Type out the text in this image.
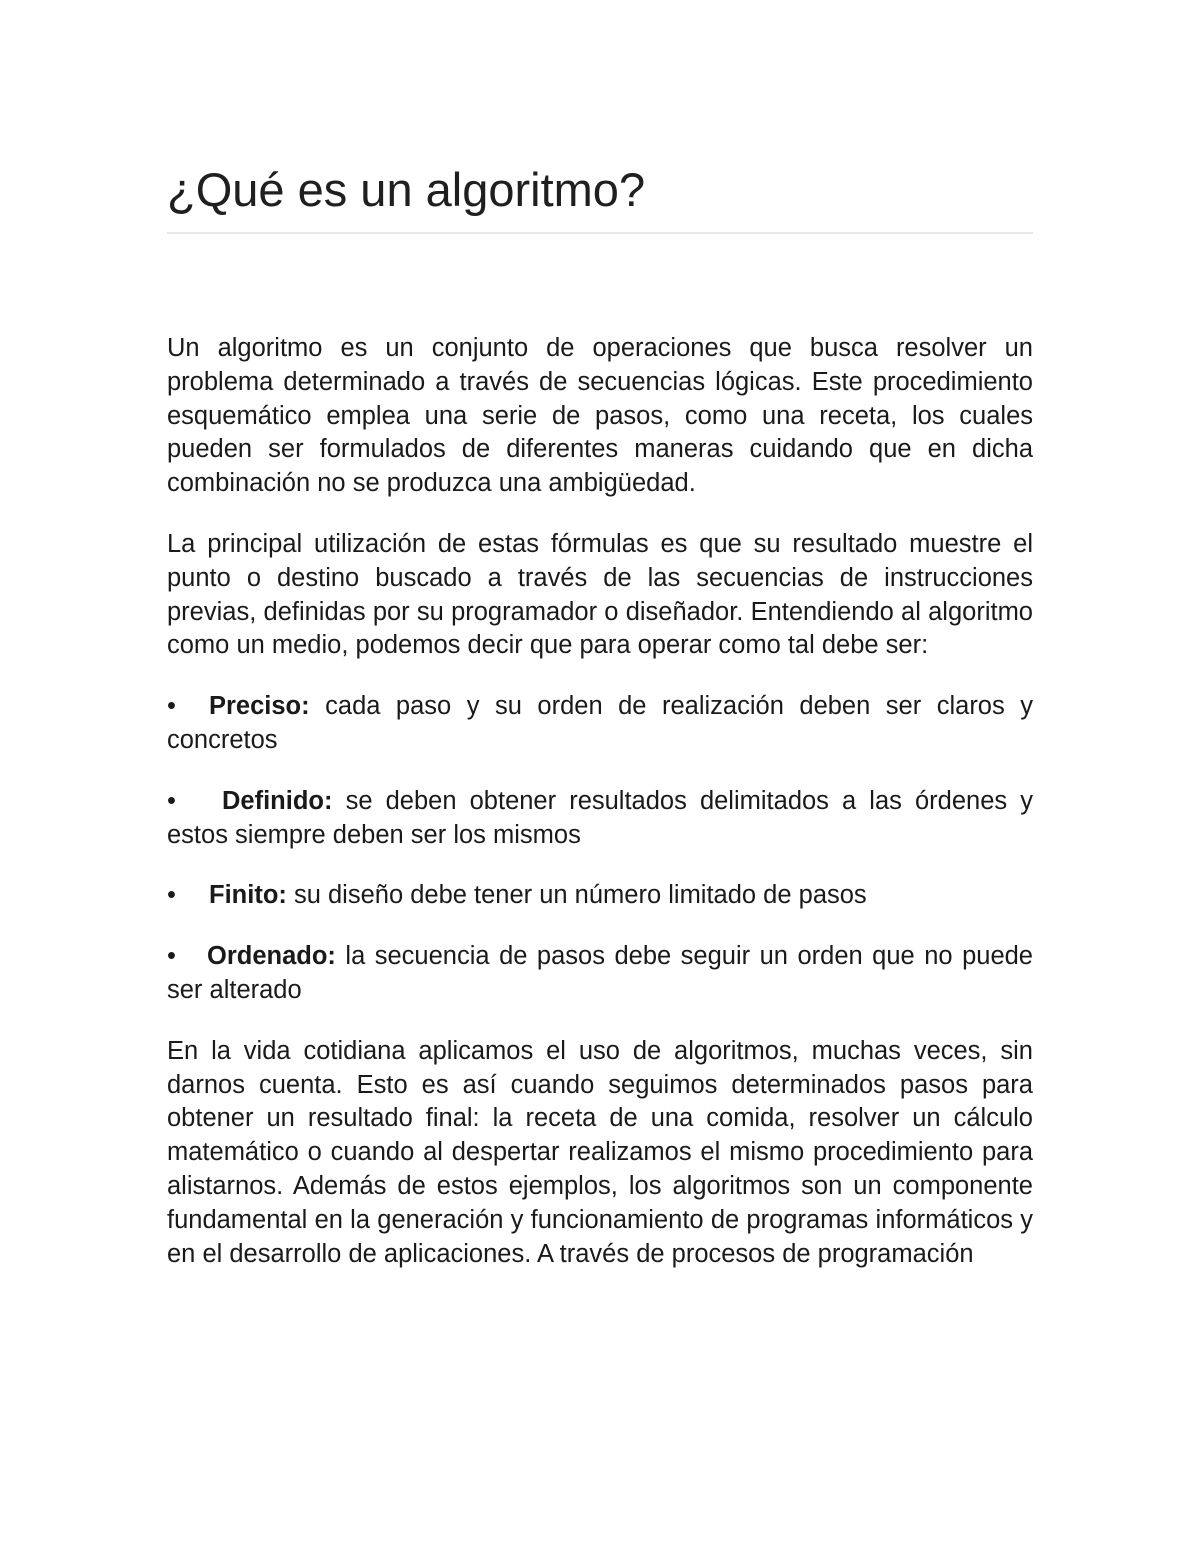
¿Qué es un algoritmo?

Un algoritmo es un conjunto de operaciones que busca resolver un problema determinado a través de secuencias lógicas. Este procedimiento esquemático emplea una serie de pasos, como una receta, los cuales pueden ser formulados de diferentes maneras cuidando que en dicha combinación no se produzca una ambigüedad.

La principal utilización de estas fórmulas es que su resultado muestre el punto o destino buscado a través de las secuencias de instrucciones previas, definidas por su programador o diseñador. Entendiendo al algoritmo como un medio, podemos decir que para operar como tal debe ser:

• Preciso: cada paso y su orden de realización deben ser claros y concretos

• Definido: se deben obtener resultados delimitados a las órdenes y estos siempre deben ser los mismos

• Finito: su diseño debe tener un número limitado de pasos

• Ordenado: la secuencia de pasos debe seguir un orden que no puede ser alterado

En la vida cotidiana aplicamos el uso de algoritmos, muchas veces, sin darnos cuenta. Esto es así cuando seguimos determinados pasos para obtener un resultado final: la receta de una comida, resolver un cálculo matemático o cuando al despertar realizamos el mismo procedimiento para alistarnos. Además de estos ejemplos, los algoritmos son un componente fundamental en la generación y funcionamiento de programas informáticos y en el desarrollo de aplicaciones. A través de procesos de programación
